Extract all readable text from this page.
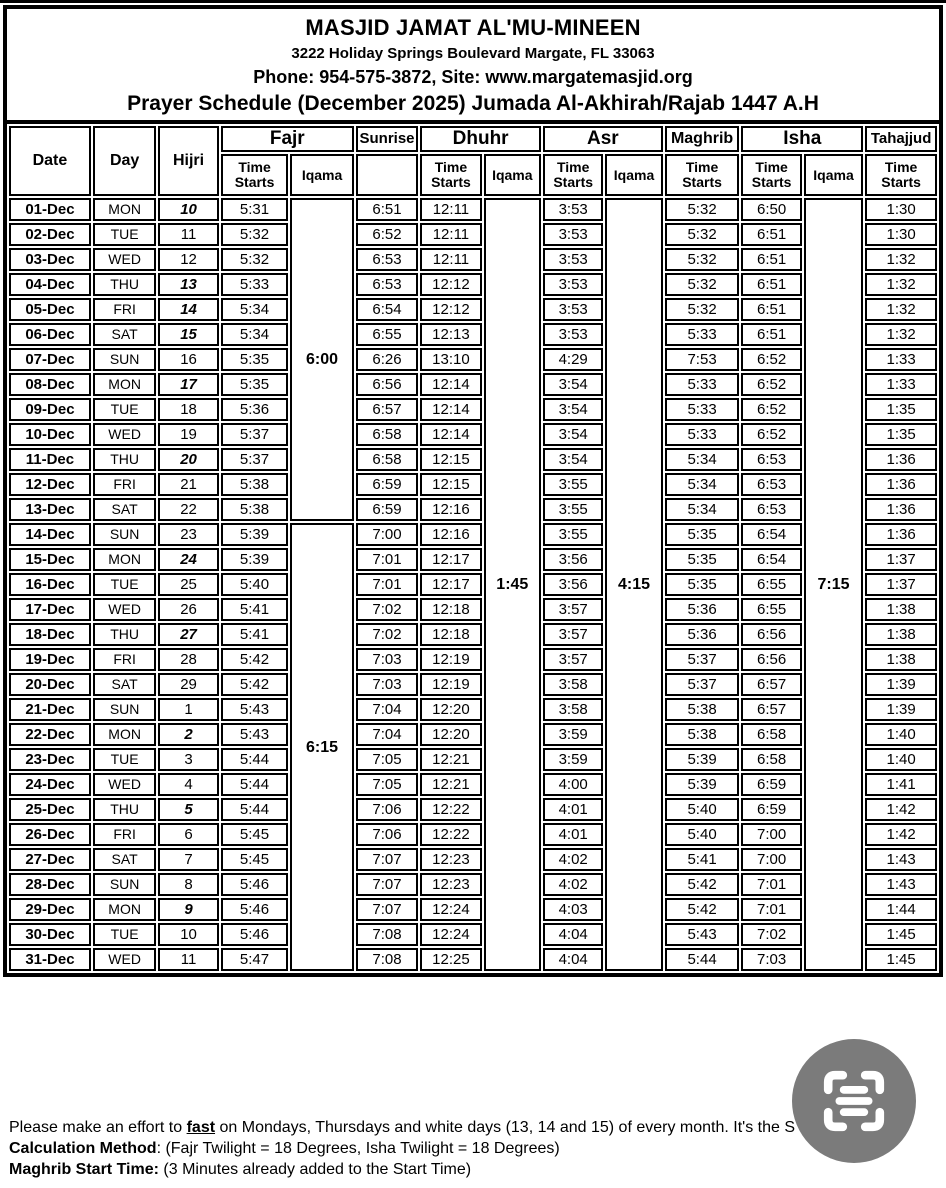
MASJID JAMAT AL'MU-MINEEN
3222 Holiday Springs Boulevard Margate, FL 33063
Phone: 954-575-3872, Site: www.margatemasjid.org
Prayer Schedule (December 2025) Jumada Al-Akhirah/Rajab 1447 A.H
Date	Day	Hijri	Fajr		Sunrise	Dhuhr		Asr		Maghrib	Isha		Tahajjud
			Time Starts	Iqama		Time Starts	Iqama	Time Starts	Iqama	Time Starts	Time Starts	Iqama	Time Starts
01-Dec	MON	10	5:31	6:00	6:51	12:11	1:45	3:53	4:15	5:32	6:50	7:15	1:30
02-Dec	TUE	11	5:32		6:52	12:11		3:53		5:32	6:51		1:30
03-Dec	WED	12	5:32		6:53	12:11		3:53		5:32	6:51		1:32
04-Dec	THU	13	5:33		6:53	12:12		3:53		5:32	6:51		1:32
05-Dec	FRI	14	5:34		6:54	12:12		3:53		5:32	6:51		1:32
06-Dec	SAT	15	5:34		6:55	12:13		3:53		5:33	6:51		1:32
07-Dec	SUN	16	5:35		6:26	13:10		4:29		7:53	6:52		1:33
08-Dec	MON	17	5:35		6:56	12:14		3:54		5:33	6:52		1:33
09-Dec	TUE	18	5:36		6:57	12:14		3:54		5:33	6:52		1:35
10-Dec	WED	19	5:37		6:58	12:14		3:54		5:33	6:52		1:35
11-Dec	THU	20	5:37		6:58	12:15		3:54		5:34	6:53		1:36
12-Dec	FRI	21	5:38		6:59	12:15		3:55		5:34	6:53		1:36
13-Dec	SAT	22	5:38		6:59	12:16		3:55		5:34	6:53		1:36
14-Dec	SUN	23	5:39	6:15	7:00	12:16		3:55		5:35	6:54		1:36
15-Dec	MON	24	5:39		7:01	12:17		3:56		5:35	6:54		1:37
16-Dec	TUE	25	5:40		7:01	12:17		3:56		5:35	6:55		1:37
17-Dec	WED	26	5:41		7:02	12:18		3:57		5:36	6:55		1:38
18-Dec	THU	27	5:41		7:02	12:18		3:57		5:36	6:56		1:38
19-Dec	FRI	28	5:42		7:03	12:19		3:57		5:37	6:56		1:38
20-Dec	SAT	29	5:42		7:03	12:19		3:58		5:37	6:57		1:39
21-Dec	SUN	1	5:43		7:04	12:20		3:58		5:38	6:57		1:39
22-Dec	MON	2	5:43		7:04	12:20		3:59		5:38	6:58		1:40
23-Dec	TUE	3	5:44		7:05	12:21		3:59		5:39	6:58		1:40
24-Dec	WED	4	5:44		7:05	12:21		4:00		5:39	6:59		1:41
25-Dec	THU	5	5:44		7:06	12:22		4:01		5:40	6:59		1:42
26-Dec	FRI	6	5:45		7:06	12:22		4:01		5:40	7:00		1:42
27-Dec	SAT	7	5:45		7:07	12:23		4:02		5:41	7:00		1:43
28-Dec	SUN	8	5:46		7:07	12:23		4:02		5:42	7:01		1:43
29-Dec	MON	9	5:46		7:07	12:24		4:03		5:42	7:01		1:44
30-Dec	TUE	10	5:46		7:08	12:24		4:04		5:43	7:02		1:45
31-Dec	WED	11	5:47		7:08	12:25		4:04		5:44	7:03		1:45
Please make an effort to fast on Mondays, Thursdays and white days (13, 14 and 15) of every month. It's the S
Calculation Method: (Fajr Twilight = 18 Degrees, Isha Twilight = 18 Degrees)
Maghrib Start Time: (3 Minutes already added to the Start Time)
